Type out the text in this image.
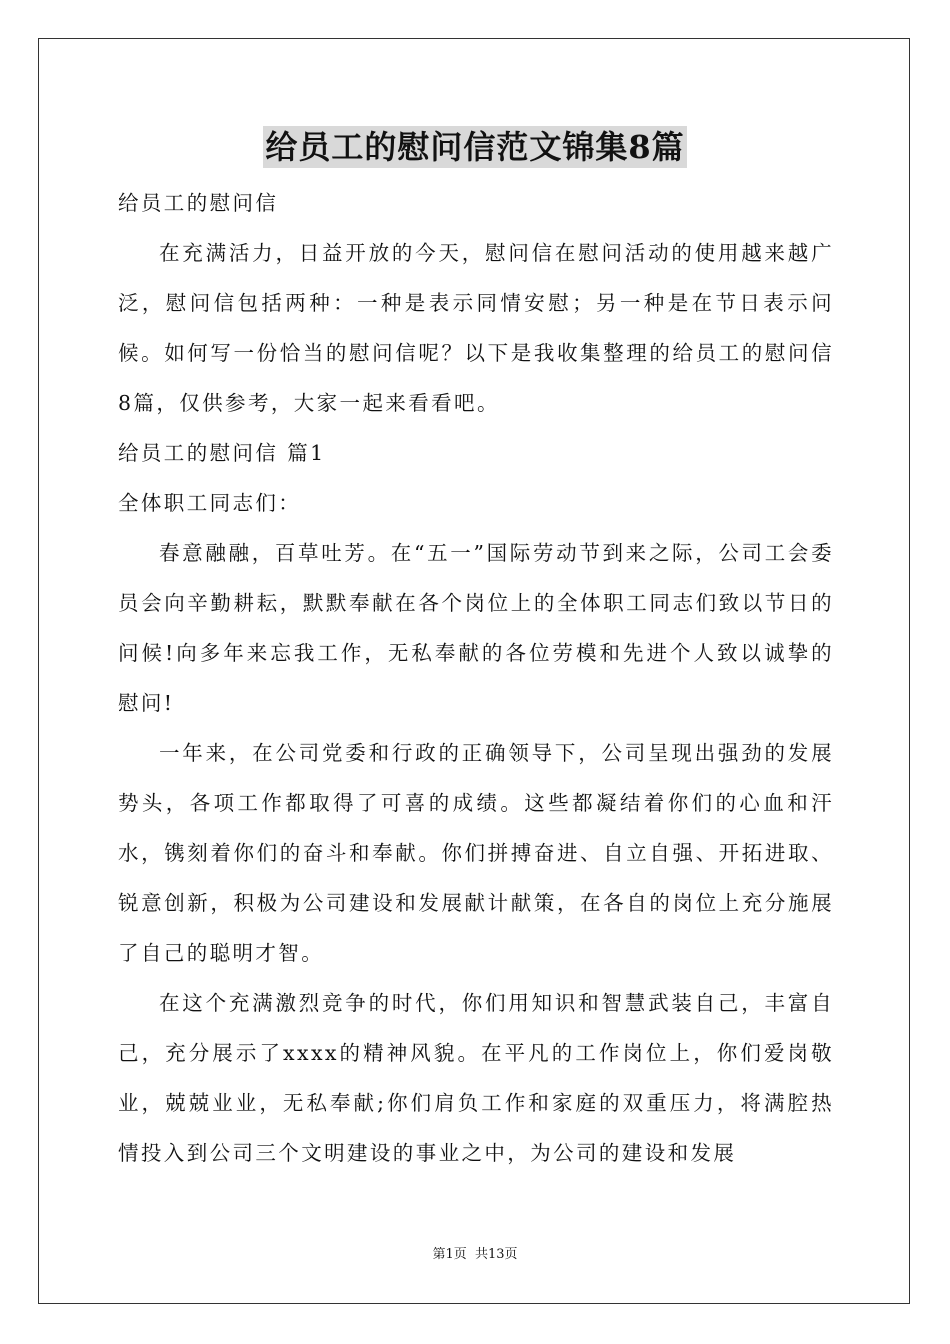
给员工的慰问信范文锦集8篇

给员工的慰问信

在充满活力，日益开放的今天，慰问信在慰问活动的使用越来越广泛，慰问信包括两种：一种是表示同情安慰；另一种是在节日表示问候。如何写一份恰当的慰问信呢？以下是我收集整理的给员工的慰问信8篇，仅供参考，大家一起来看看吧。

给员工的慰问信 篇1

全体职工同志们：

春意融融，百草吐芳。在“五一”国际劳动节到来之际，公司工会委员会向辛勤耕耘，默默奉献在各个岗位上的全体职工同志们致以节日的问候!向多年来忘我工作，无私奉献的各位劳模和先进个人致以诚挚的慰问!

一年来，在公司党委和行政的正确领导下，公司呈现出强劲的发展势头，各项工作都取得了可喜的成绩。这些都凝结着你们的心血和汗水，镌刻着你们的奋斗和奉献。你们拼搏奋进、自立自强、开拓进取、锐意创新，积极为公司建设和发展献计献策，在各自的岗位上充分施展了自己的聪明才智。

在这个充满激烈竞争的时代，你们用知识和智慧武装自己，丰富自己，充分展示了xxxx的精神风貌。在平凡的工作岗位上，你们爱岗敬业，兢兢业业，无私奉献;你们肩负工作和家庭的双重压力，将满腔热情投入到公司三个文明建设的事业之中，为公司的建设和发展

第1页 共13页
